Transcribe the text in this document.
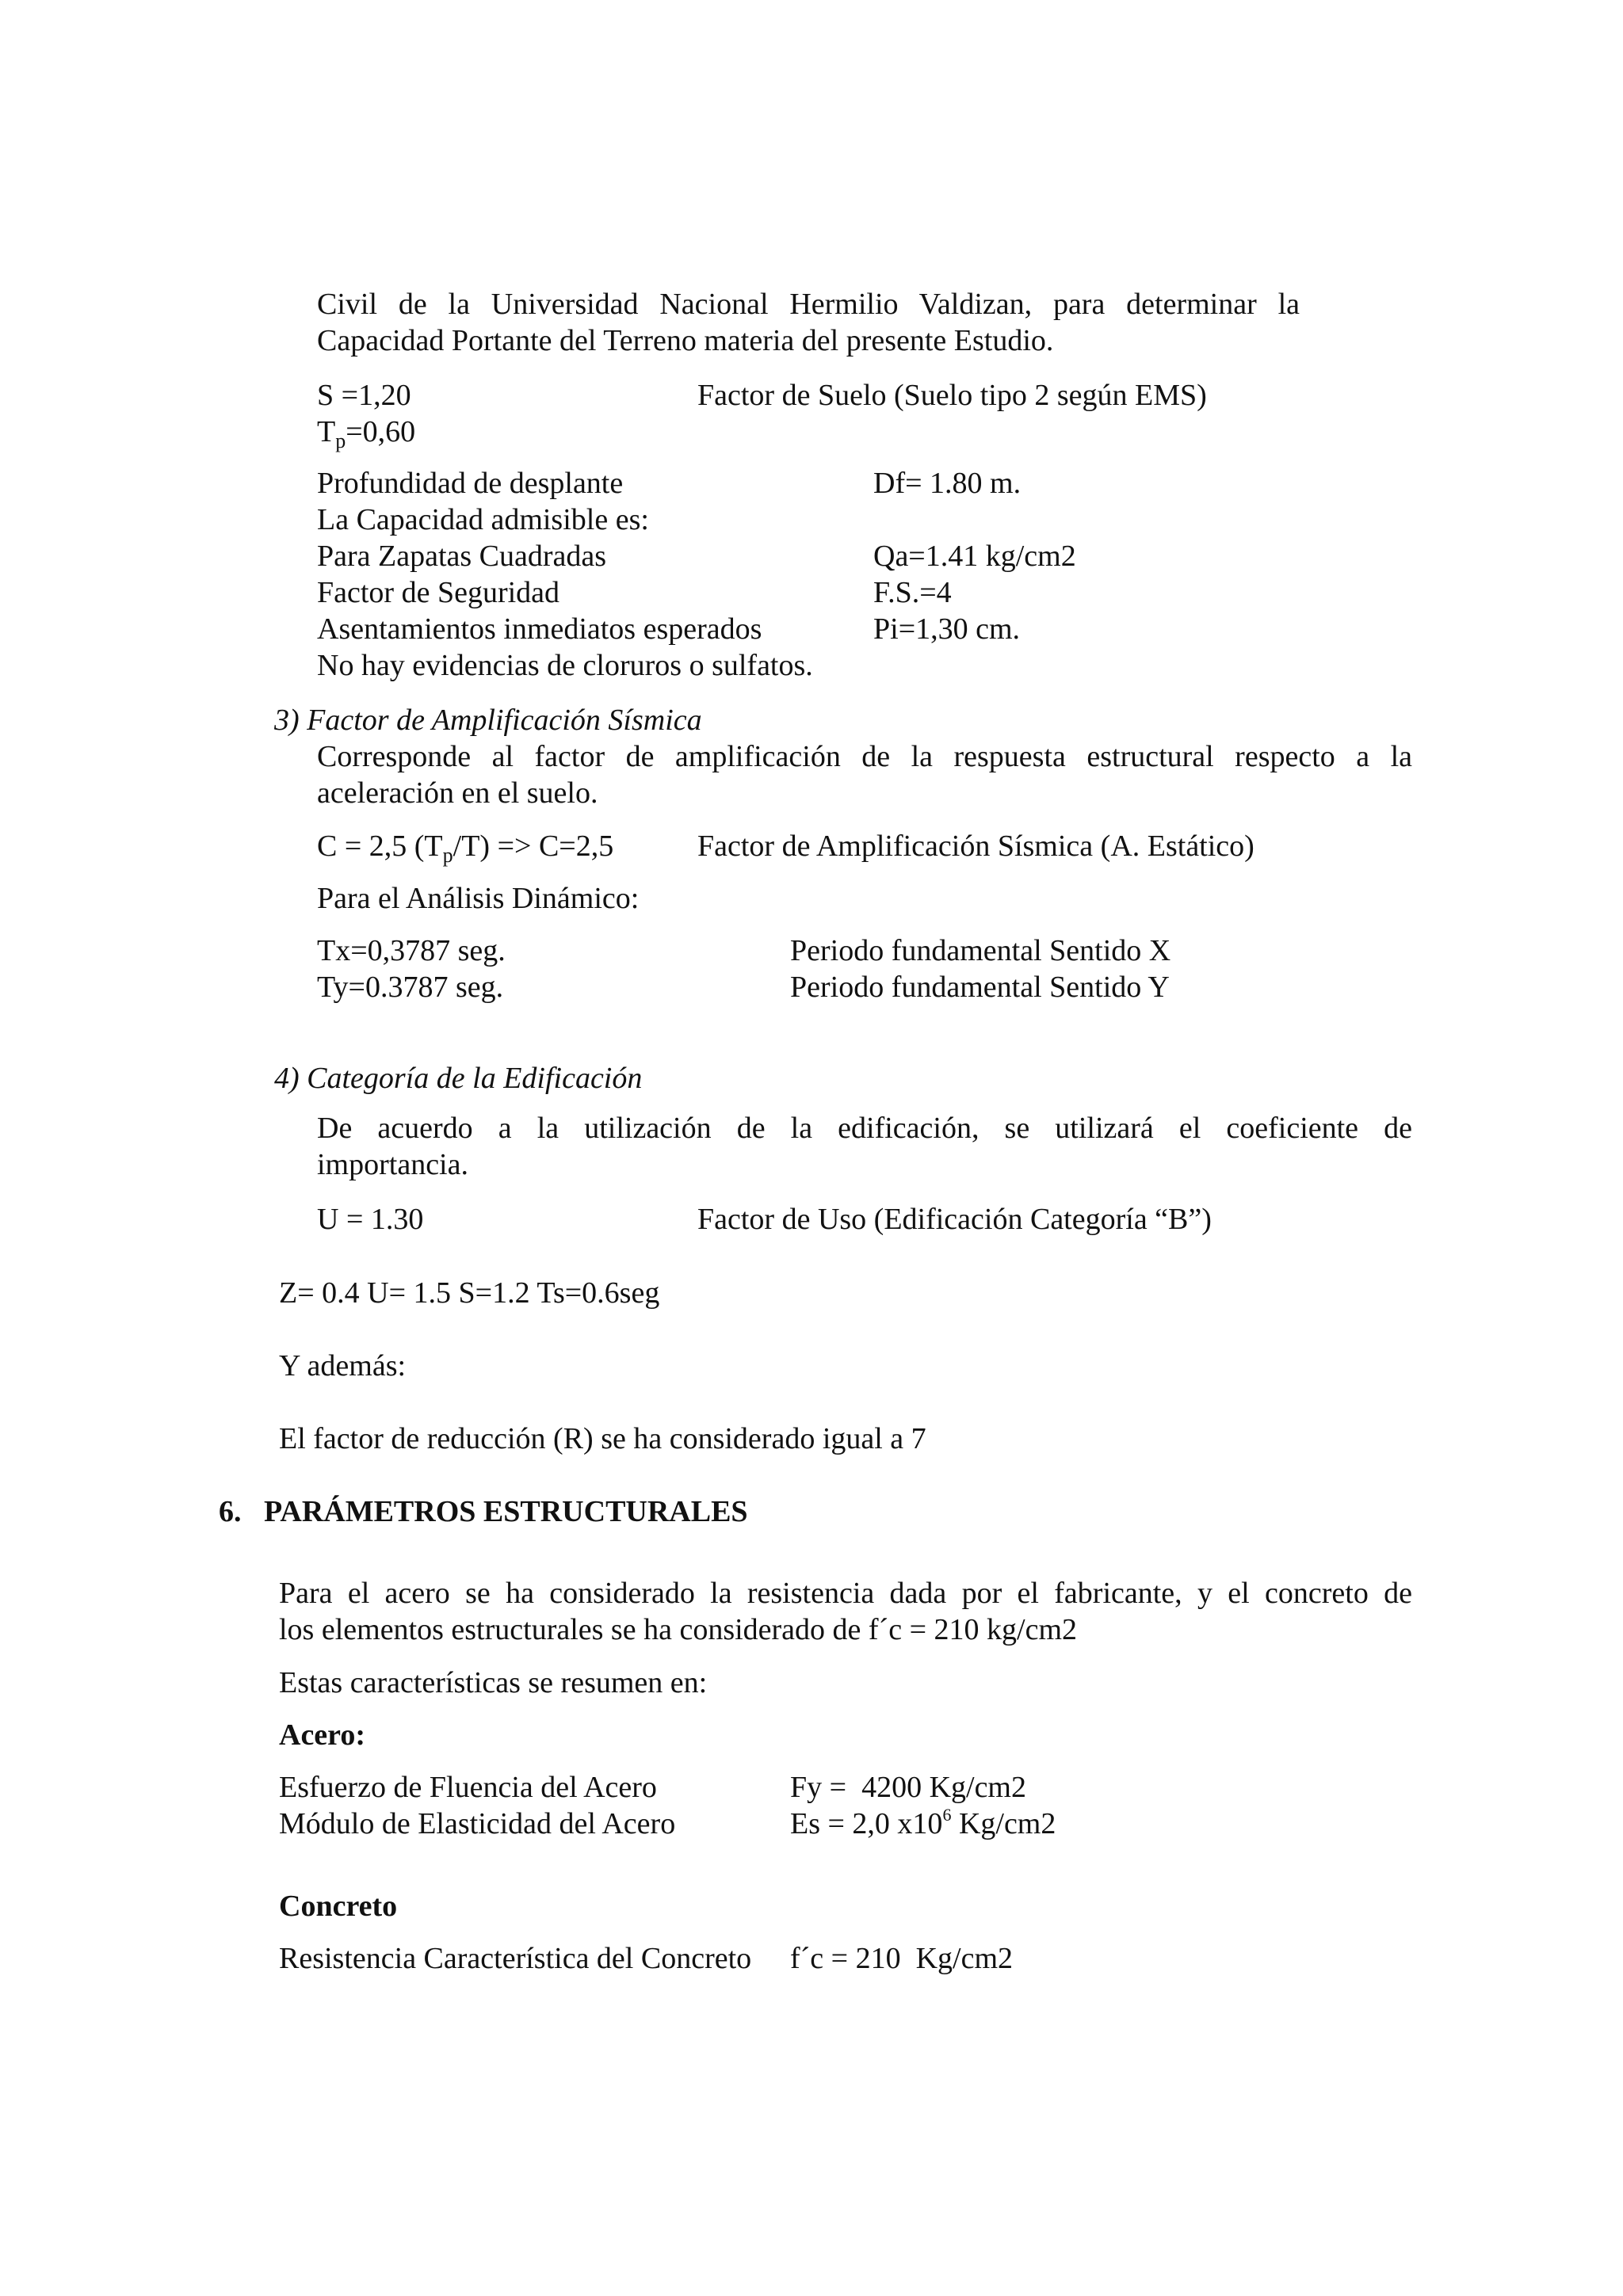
Civil de la Universidad Nacional Hermilio Valdizan, para determinar la
Capacidad Portante del Terreno materia del presente Estudio.
S =1,20	Factor de Suelo (Suelo tipo 2 según EMS)
$T_p=0,60$
Profundidad de desplante	Df= 1.80 m.
La Capacidad admisible es:
Para Zapatas Cuadradas	Qa=1.41 kg/cm2
Factor de Seguridad	F.S.=4
Asentamientos inmediatos esperados	Pi=1,30 cm.
No hay evidencias de cloruros o sulfatos.
3) Factor de Amplificación Sísmica
Corresponde al factor de amplificación de la respuesta estructural respecto a la
aceleración en el suelo.
C = 2,5 $(T_p/T) => C=2,5$	Factor de Amplificación Sísmica (A. Estático)
Para el Análisis Dinámico:
Tx=0,3787 seg.	Periodo fundamental Sentido X
Ty=0.3787 seg.	Periodo fundamental Sentido Y
4) Categoría de la Edificación
De acuerdo a la utilización de la edificación, se utilizará el coeficiente de
importancia.
U = 1.30	Factor de Uso (Edificación Categoría “B”)
Z= 0.4 U= 1.5 S=1.2 Ts=0.6seg
Y además:
El factor de reducción (R) se ha considerado igual a 7
6.   PARÁMETROS ESTRUCTURALES
Para el acero se ha considerado la resistencia dada por el fabricante, y el concreto de
los elementos estructurales se ha considerado de f´c = 210 kg/cm2
Estas características se resumen en:
Acero:
Esfuerzo de Fluencia del Acero	Fy =  4200 Kg/cm2
Módulo de Elasticidad del Acero	Es = 2,0 $x10^6$ Kg/cm2
Concreto
Resistencia Característica del Concreto f´c = 210  Kg/cm2
